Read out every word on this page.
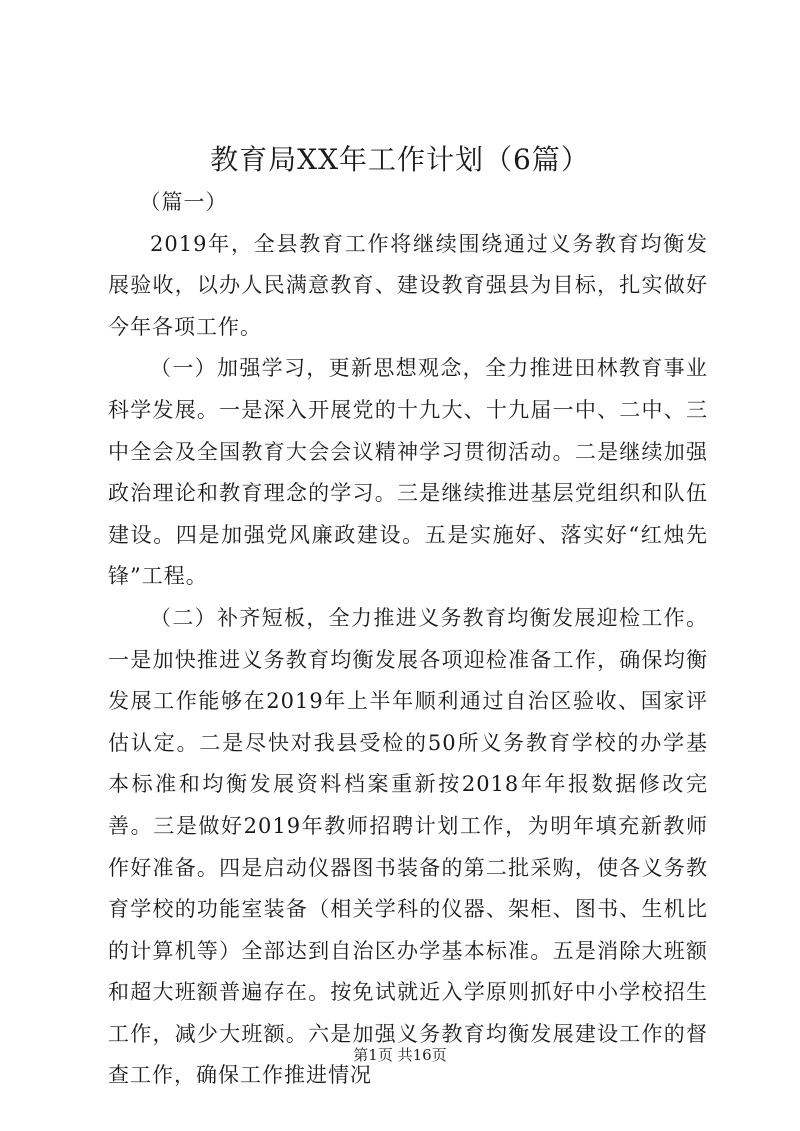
教育局XX年工作计划（6篇）

（篇一）

2019年，全县教育工作将继续围绕通过义务教育均衡发展验收，以办人民满意教育、建设教育强县为目标，扎实做好今年各项工作。

（一）加强学习，更新思想观念，全力推进田林教育事业科学发展。一是深入开展党的十九大、十九届一中、二中、三中全会及全国教育大会会议精神学习贯彻活动。二是继续加强政治理论和教育理念的学习。三是继续推进基层党组织和队伍建设。四是加强党风廉政建设。五是实施好、落实好“红烛先锋”工程。

（二）补齐短板，全力推进义务教育均衡发展迎检工作。一是加快推进义务教育均衡发展各项迎检准备工作，确保均衡发展工作能够在2019年上半年顺利通过自治区验收、国家评估认定。二是尽快对我县受检的50所义务教育学校的办学基本标准和均衡发展资料档案重新按2018年年报数据修改完善。三是做好2019年教师招聘计划工作，为明年填充新教师作好准备。四是启动仪器图书装备的第二批采购，使各义务教育学校的功能室装备（相关学科的仪器、架柜、图书、生机比的计算机等）全部达到自治区办学基本标准。五是消除大班额和超大班额普遍存在。按免试就近入学原则抓好中小学校招生工作，减少大班额。六是加强义务教育均衡发展建设工作的督查工作，确保工作推进情况

第1页 共16页
